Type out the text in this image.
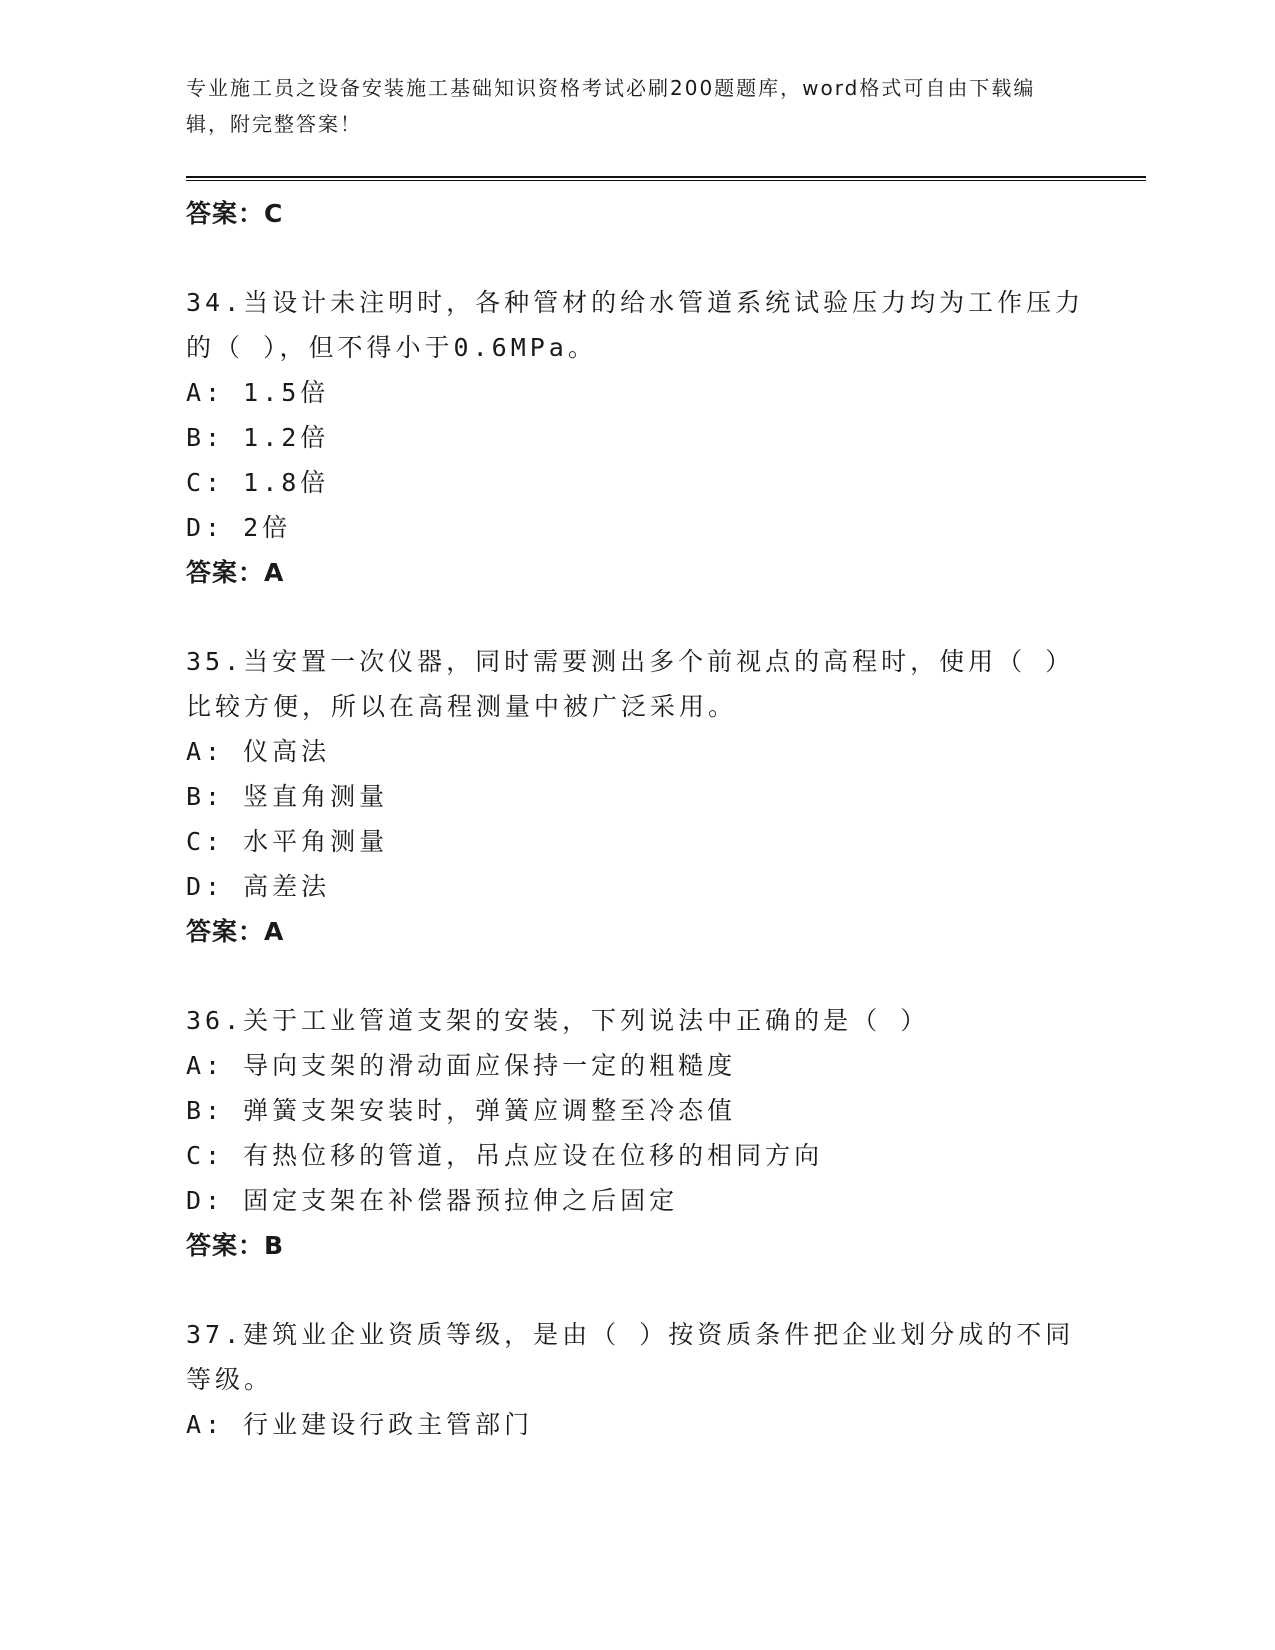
专业施工员之设备安装施工基础知识资格考试必刷200题题库，word格式可自由下载编辑，附完整答案！

答案：C
34.当设计未注明时，各种管材的给水管道系统试验压力均为工作压力
的（ ），但不得小于0.6MPa。
A: 1.5倍
B: 1.2倍
C: 1.8倍
D: 2倍
答案：A
35.当安置一次仪器，同时需要测出多个前视点的高程时，使用（ ）
比较方便，所以在高程测量中被广泛采用。
A: 仪高法
B: 竖直角测量
C: 水平角测量
D: 高差法
答案：A
36.关于工业管道支架的安装，下列说法中正确的是（ ）
A: 导向支架的滑动面应保持一定的粗糙度
B: 弹簧支架安装时，弹簧应调整至冷态值
C: 有热位移的管道，吊点应设在位移的相同方向
D: 固定支架在补偿器预拉伸之后固定
答案：B
37.建筑业企业资质等级，是由（ ）按资质条件把企业划分成的不同
等级。
A: 行业建设行政主管部门
